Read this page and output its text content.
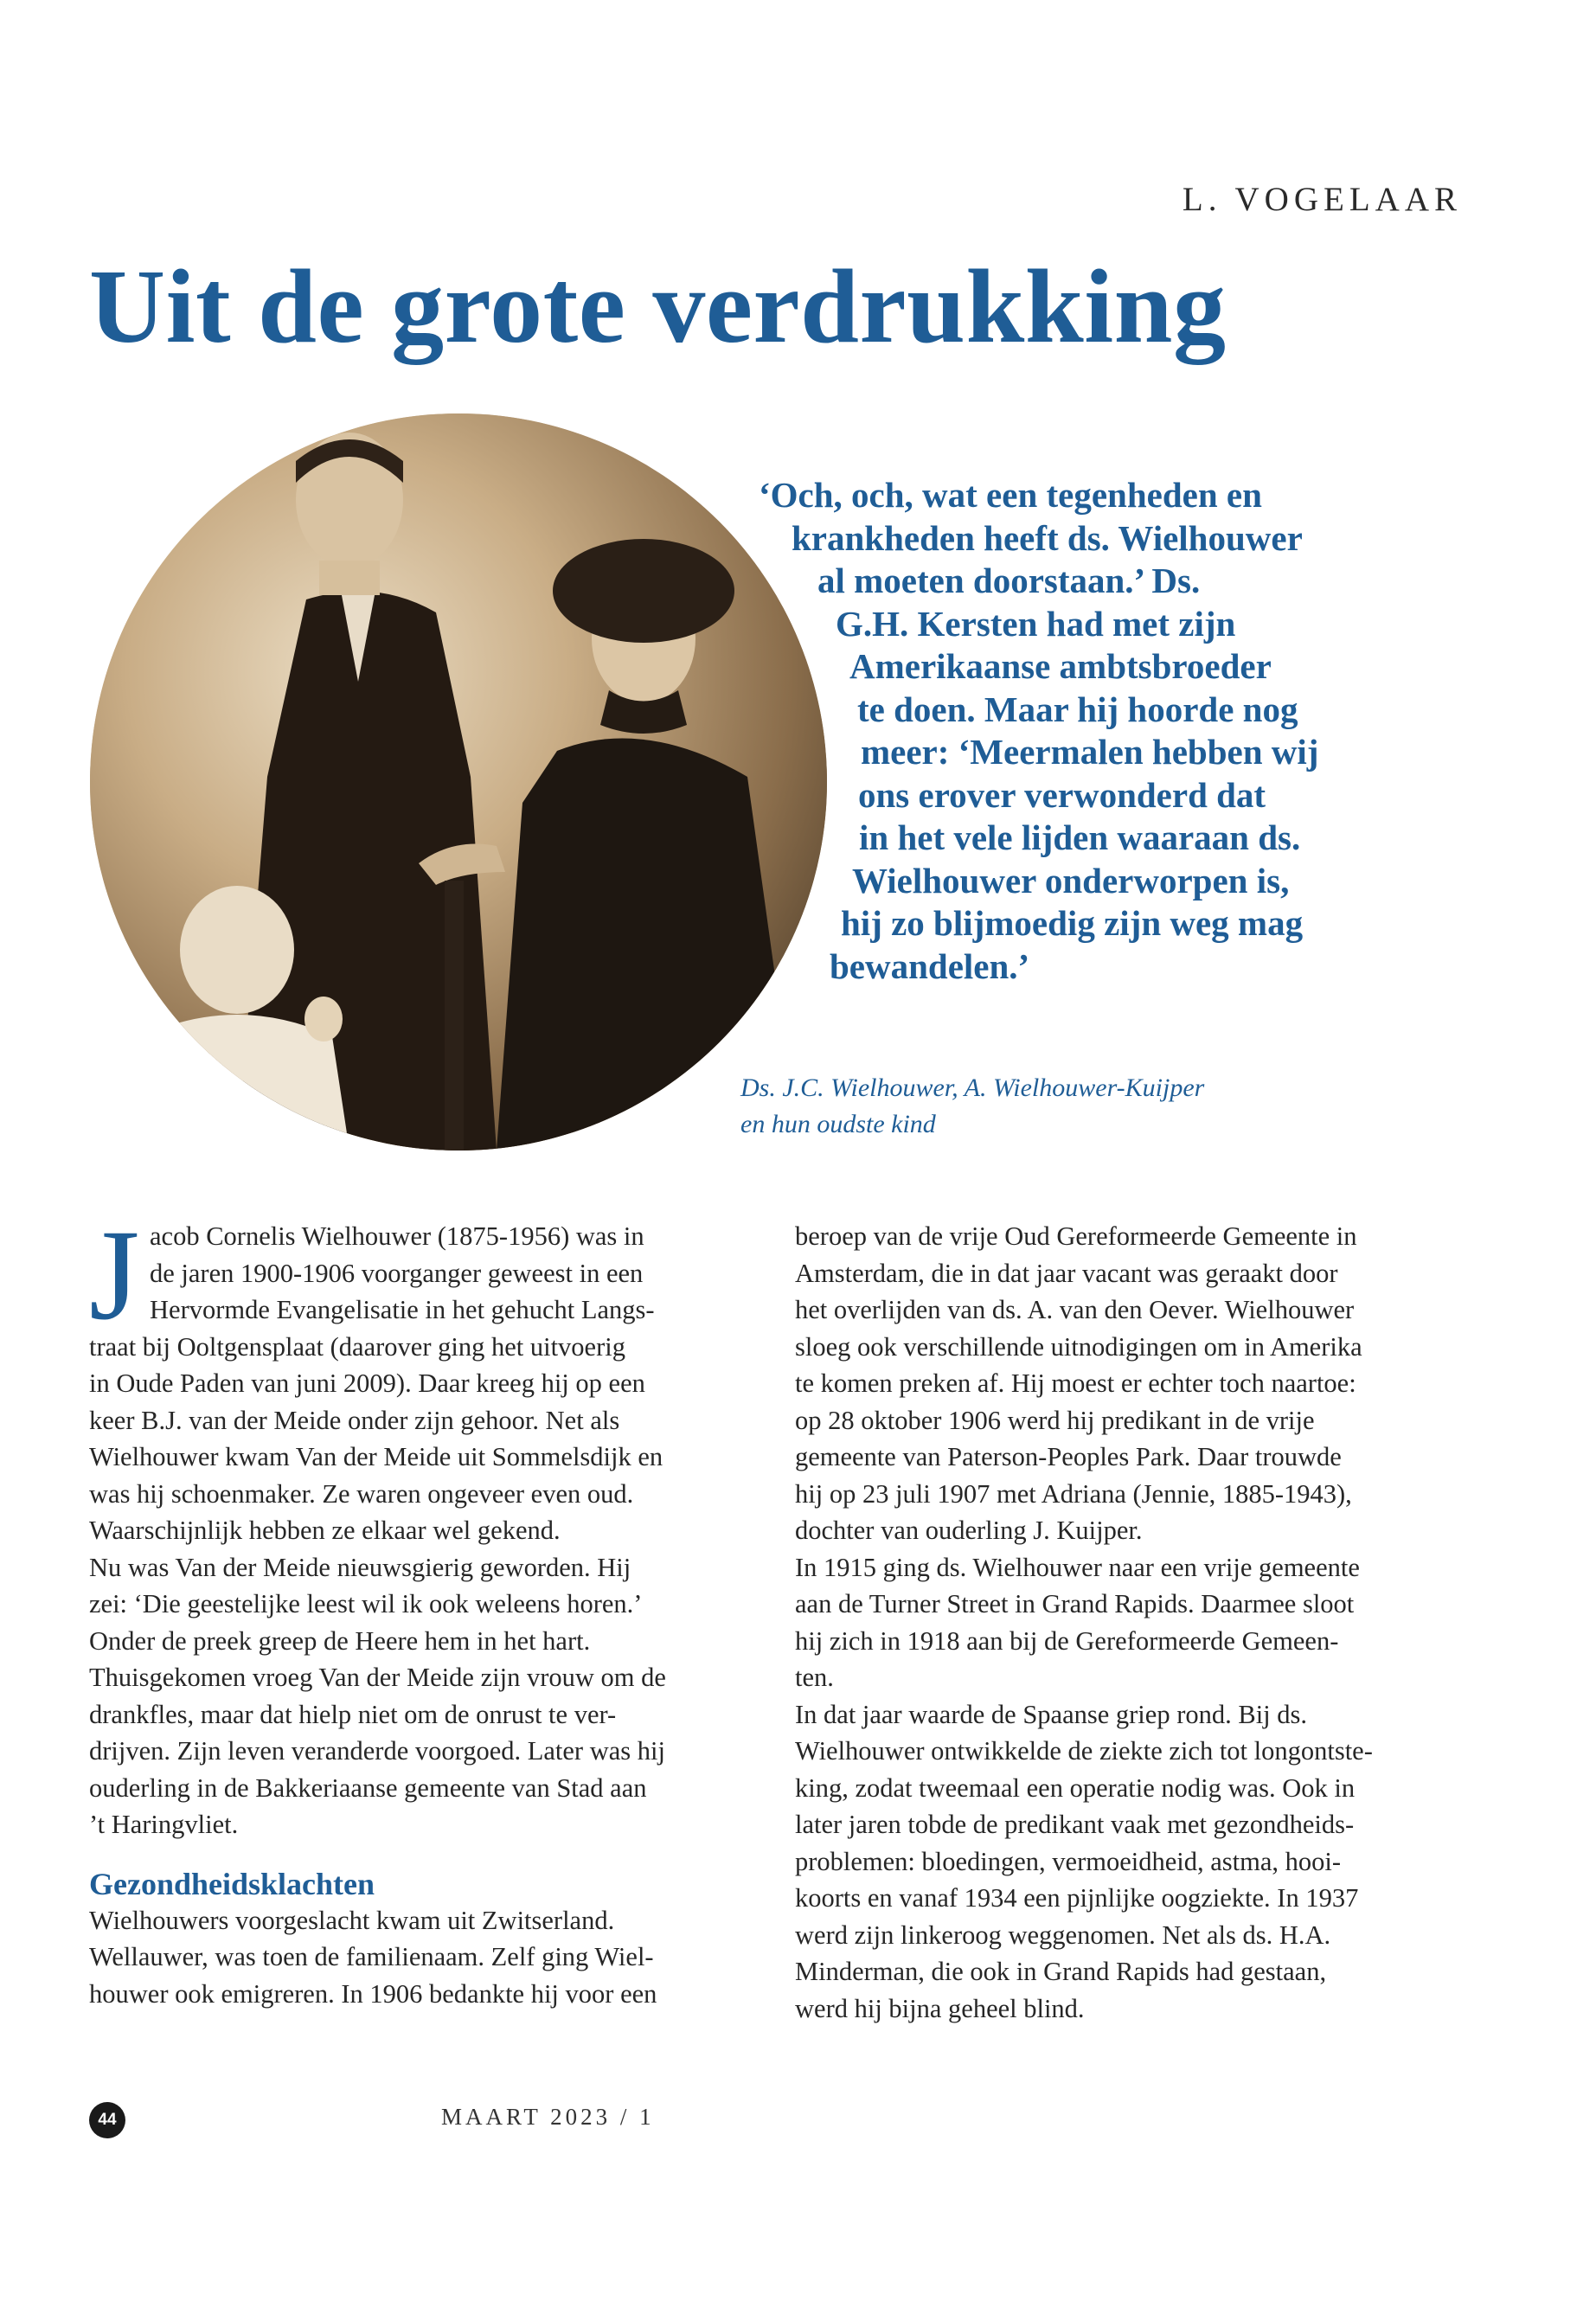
L. VOGELAAR
Uit de grote verdrukking
‘Och, och, wat een tegenheden en
krankheden heeft ds. Wielhouwer
al moeten doorstaan.’ Ds.
G.H. Kersten had met zijn
Amerikaanse ambtsbroeder
te doen. Maar hij hoorde nog
meer: ‘Meermalen hebben wij
ons erover verwonderd dat
in het vele lijden waaraan ds.
Wielhouwer onderworpen is,
hij zo blijmoedig zijn weg mag
bewandelen.’
Ds. J.C. Wielhouwer, A. Wielhouwer-Kuijper
en hun oudste kind
J acob Cornelis Wielhouwer (1875-1956) was in
de jaren 1900-1906 voorganger geweest in een
Hervormde Evangelisatie in het gehucht Langs-
traat bij Ooltgensplaat (daarover ging het uitvoerig
in Oude Paden van juni 2009). Daar kreeg hij op een
keer B.J. van der Meide onder zijn gehoor. Net als
Wielhouwer kwam Van der Meide uit Sommelsdijk en
was hij schoenmaker. Ze waren ongeveer even oud.
Waarschijnlijk hebben ze elkaar wel gekend.
Nu was Van der Meide nieuwsgierig geworden. Hij
zei: ‘Die geestelijke leest wil ik ook weleens horen.’
Onder de preek greep de Heere hem in het hart.
Thuisgekomen vroeg Van der Meide zijn vrouw om de
drankfles, maar dat hielp niet om de onrust te ver-
drijven. Zijn leven veranderde voorgoed. Later was hij
ouderling in de Bakkeriaanse gemeente van Stad aan
’t Haringvliet.
Gezondheidsklachten
Wielhouwers voorgeslacht kwam uit Zwitserland.
Wellauwer, was toen de familienaam. Zelf ging Wiel-
houwer ook emigreren. In 1906 bedankte hij voor een
beroep van de vrije Oud Gereformeerde Gemeente in
Amsterdam, die in dat jaar vacant was geraakt door
het overlijden van ds. A. van den Oever. Wielhouwer
sloeg ook verschillende uitnodigingen om in Amerika
te komen preken af. Hij moest er echter toch naartoe:
op 28 oktober 1906 werd hij predikant in de vrije
gemeente van Paterson-Peoples Park. Daar trouwde
hij op 23 juli 1907 met Adriana (Jennie, 1885-1943),
dochter van ouderling J. Kuijper.
In 1915 ging ds. Wielhouwer naar een vrije gemeente
aan de Turner Street in Grand Rapids. Daarmee sloot
hij zich in 1918 aan bij de Gereformeerde Gemeen-
ten.
In dat jaar waarde de Spaanse griep rond. Bij ds.
Wielhouwer ontwikkelde de ziekte zich tot longontste-
king, zodat tweemaal een operatie nodig was. Ook in
later jaren tobde de predikant vaak met gezondheids-
problemen: bloedingen, vermoeidheid, astma, hooi-
koorts en vanaf 1934 een pijnlijke oogziekte. In 1937
werd zijn linkeroog weggenomen. Net als ds. H.A.
Minderman, die ook in Grand Rapids had gestaan,
werd hij bijna geheel blind.
44	MAART 2023 / 1
